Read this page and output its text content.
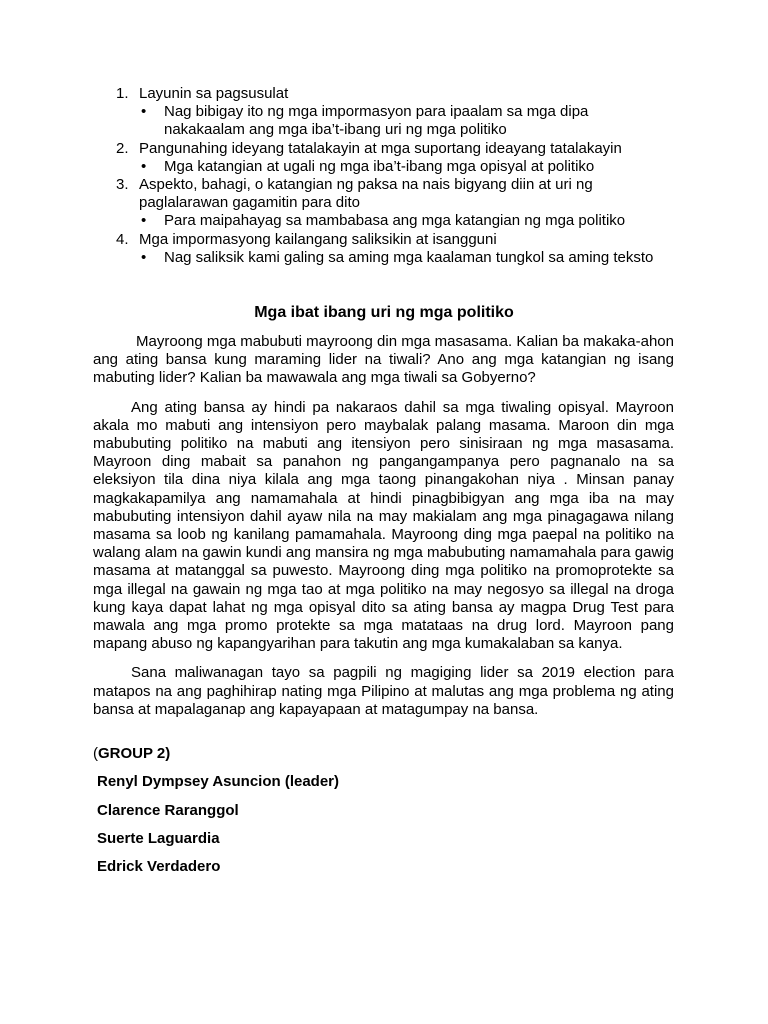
1. Layunin sa pagsusulat
• Nag bibigay ito ng mga impormasyon para ipaalam sa mga dipa nakakaalam ang mga iba’t-ibang uri ng mga politiko
2. Pangunahing ideyang tatalakayin at mga suportang ideayang tatalakayin
• Mga katangian at ugali ng mga iba’t-ibang mga opisyal at politiko
3. Aspekto, bahagi, o katangian ng paksa na nais bigyang diin at uri ng paglalarawan gagamitin para dito
• Para maipahayag sa mambabasa ang mga katangian ng mga politiko
4. Mga impormasyong kailangang saliksikin at isangguni
• Nag saliksik kami galing sa aming mga kaalaman tungkol sa aming teksto
Mga ibat ibang uri ng mga politiko

Mayroong mga mabubuti mayroong din mga masasama. Kalian ba makaka-ahon ang ating bansa kung maraming lider na tiwali? Ano ang mga katangian ng isang mabuting lider? Kalian ba mawawala ang mga tiwali sa Gobyerno?

Ang ating bansa ay hindi pa nakaraos dahil sa mga tiwaling opisyal. Mayroon akala mo mabuti ang intensiyon pero maybalak palang masama. Maroon din mga mabubuting politiko na mabuti ang itensiyon pero sinisiraan ng mga masasama. Mayroon ding mabait sa panahon ng pangangampanya pero pagnanalo na sa eleksiyon tila dina niya kilala ang mga taong pinangakohan niya . Minsan panay magkakapamilya ang namamahala at hindi pinagbibigyan ang mga iba na may mabubuting intensiyon dahil ayaw nila na may makialam ang mga pinagagawa nilang masama sa loob ng kanilang pamamahala. Mayroong ding mga paepal na politiko na walang alam na gawin kundi ang mansira ng mga mabubuting namamahala para gawig masama at matanggal sa puwesto. Mayroong ding mga politiko na promoprotekte sa mga illegal na gawain ng mga tao at mga politiko na may negosyo sa illegal na droga kung kaya dapat lahat ng mga opisyal dito sa ating bansa ay magpa Drug Test para mawala ang mga promo protekte sa mga matataas na drug lord. Mayroon pang mapang abuso ng kapangyarihan para takutin ang mga kumakalaban sa kanya.

Sana maliwanagan tayo sa pagpili ng magiging lider sa 2019 election para matapos na ang paghihirap nating mga Pilipino at malutas ang mga problema ng ating bansa at mapalaganap ang kapayapaan at matagumpay na bansa.

(GROUP 2)
Renyl Dympsey Asuncion (leader)
Clarence Raranggol
Suerte Laguardia
Edrick Verdadero
